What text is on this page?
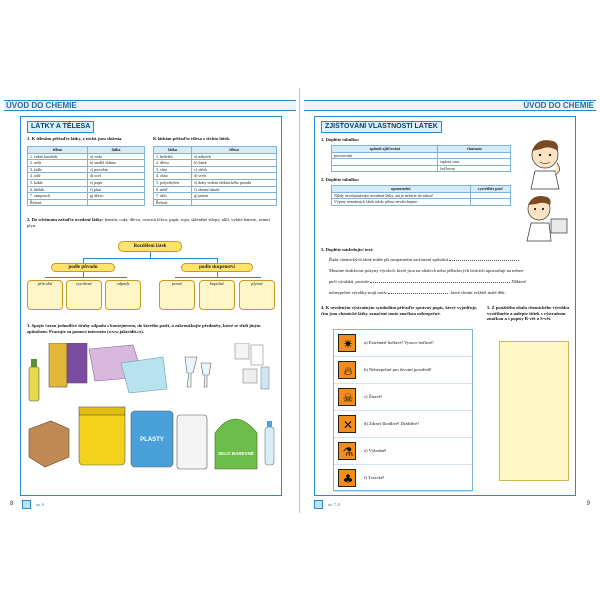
ÚVOD DO CHEMIE
LÁTKY A TĚLESA
1. K tělesům přiřaďte látky, z nichž jsou složena.	K látkám přiřaďte tělesa z těchto látek.
těleso	látka
1. zubní kartáček	a) voda
2. sešit	b) umělá vlákna
3. židle	c) porcelán
4. talíř	d) ocel
5. kabát	e) papír
6. hřebík	f) plast
7. rampouch	g) dřevo
Řešení:	
látka	těleso
1. hedvábí	a) nábytek
2. dřevo	b) šátek
3. vlna	c) sáček
4. zlato	d) svetr
5. polyethylen	e) dráty vedení elektrického proudu
6. měď	f) okenní tabule
7. sklo	g) prsten
Řešení:	
2. Do schématu zařaďte uvedené látky: benzín, cukr, dřevo, ovocná šťáva, papír, ropa, skleněné střepy, uhlí, vybitá baterie, zemní plyn.
Rozdělení látek
podle původu	podle skupenství
přírodní	vyrobené	odpady	pevné	kapalné	plynné
3. Spojte čarou jednotlivé druhy odpadu s kontejnerem, do kterého patří, a zakroužkujte předměty, které se třídí jiným způsobem. Pracujte za pomoci internetu (www.jaktridit.cz).
PLASTY
SKLO BAREVNÉ
8	str. 6
ÚVOD DO CHEMIE
ZJIŠŤOVÁNÍ VLASTNOSTÍ LÁTEK
1. Doplňte tabulku:
způsob zjišťování	vlastnost
pozorování	
	teplota varu
	hořlavost
2. Doplňte tabulku:
upozornění	vysvětlete proč
Nikdy neochutnávejte neznámé látky, ani je neberte do rukou!	
Výpary neznámých látek nikdy přímo nevdechujme.	
3. Doplňte následující text:
Řada chemických látek může při neopatrném zacházení způsobit
Musíme dodržovat pokyny výrobců, které jsou na obalech nebo příbalových letácích upozorňují na nebez-
pečí výrobků, protože	Některé
nebezpečné výrobky mají navíc	, které chrání zvláště malé děti.
4. K uvedeným výstražným symbolům přiřaďte správný popis, který vyjadřuje, čím jsou chemické látky označené touto značkou nebezpečné.
5. Z použitého obalu chemického výrobku vystřihněte a nalepte štítek s výstražnou značkou a s popisy R-vět a S-vět.
✷	a) Extrémně hořlavé! Vysoce hořlavé!
🔥︎	b) Nebezpečné pro životní prostředí!
☠	c) Žíravé!
✕	d) Zdraví škodlivé! Dráždivé!
⚗	e) Výbušné!
♣	f) Toxické!
str. 7–8	9
